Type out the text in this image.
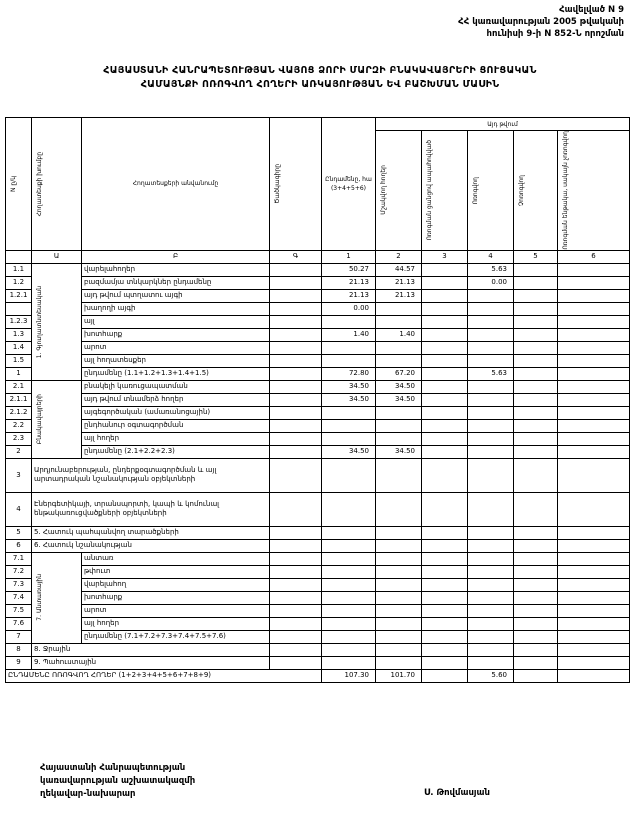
Հավելված N 9
ՀՀ կառավարության 2005 թվականի
հունիսի 9-ի N 852-Ն որոշման
ՀԱՅԱՍՏԱՆԻ ՀԱՆՐԱՊԵՏՈՒԹՅԱՆ ՎԱՅՈՑ ՁՈՐԻ ՄԱՐԶԻ ԲՆԱԿԱՎԱՅՐԵՐԻ ՑՈՒՑԱԿԱՆ
ՀԱՄԱՅՆՔԻ ՈՌՈԳՎՈՂ ՀՈՂԵՐԻ ԱՌԿԱՅՈՒԹՅԱՆ ԵՎ ԲԱՇԽՄԱՆ ՄԱՍԻՆ
N ը/կ	Հողատեսքի խումբը	Հողատեսքերի անվանումը	Ծածկագիրը	Ընդամենը, հա (3+4+5+6)	Այդ թվում				

					Մշակվող հողեր	Ոռոգման ցանցով ապահովված	Ոռոգվող	Չոռոգվող	Ոռոգման ենթակա, սակայն չոռոգվող

	Ա	Բ	Գ	1	2	3	4	5	6
1.1	1. Գյուղատնտեսական	վարելահողեր		50.27	44.57		5.63		
1.2		բազմամյա տնկարկներ ընդամենը		21.13	21.13		0.00		
1.2.1		այդ թվում պտղատու այգի		21.13	21.13				
		խաղողի այգի		0.00					
1.2.3		այլ							
1.3		խոտհարք		1.40	1.40				
1.4		արոտ							
1.5		այլ հողատեսքեր							
1		ընդամենը (1.1+1.2+1.3+1.4+1.5)		72.80	67.20		5.63		
2.1	Բնակավայրերի	բնակելի կառուցապատման		34.50	34.50				
2.1.1		այդ թվում տնամերձ հողեր		34.50	34.50				
2.1.2		այգեգործական (ամառանոցային)							
2.2		ընդհանուր օգտագործման							
2.3		այլ հողեր							
2		ընդամենը (2.1+2.2+2.3)		34.50	34.50				
3	Արդյունաբերության, ընդերքօգտագործման և այլ արտադրական նշանակության օբյեկտների								
4	Էներգետիկայի, տրանսպորտի, կապի և կոմունալ ենթակառուցվածքների օբյեկտների								
5	5. Հատուկ պահպանվող տարածքների								
6	6. Հատուկ նշանակության								
7.1	7. Անտառային	անտառ							
7.2		թփուտ							
7.3		վարելահող							
7.4		խոտհարք							
7.5		արոտ							
7.6		այլ հողեր							
7		ընդամենը (7.1+7.2+7.3+7.4+7.5+7.6)							
8	8. Ջրային								
9	9. Պահուստային								
ԸՆԴԱՄԵՆԸ ՈՌՈԳՎՈՂ ՀՈՂԵՐ (1+2+3+4+5+6+7+8+9)				107.30	101.70		5.60		
Հայաստանի Հանրապետության
կառավարության աշխատակազմի
ղեկավար-նախարար	Ս. Թովմասյան
